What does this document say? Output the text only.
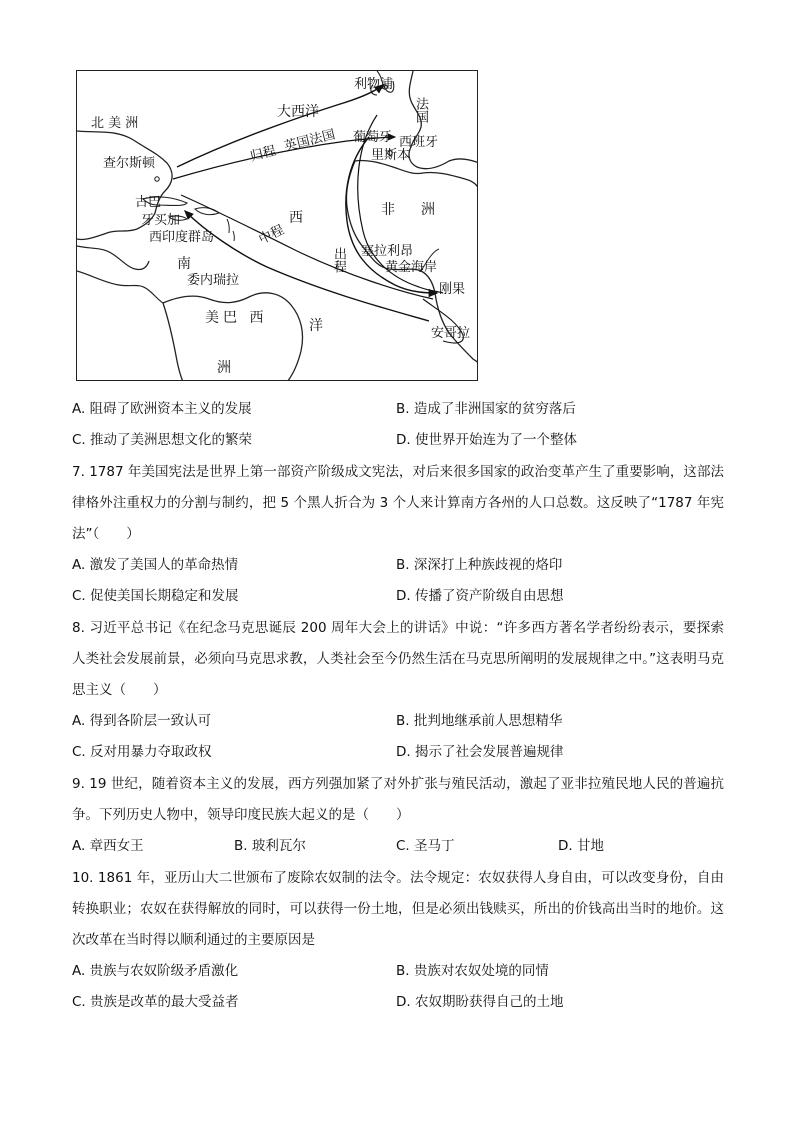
北 美 洲
大西洋
利物浦
法国
葡萄牙 西班牙
里斯本
归程 英国法国
查尔斯顿
古巴
牙买加
西印度群岛
西	非　洲
中程
出程 塞拉利昂
黄金海岸
南
委内瑞拉
刚果
美巴 西	洋	安哥拉
洲
A. 阻碍了欧洲资本主义的发展	B. 造成了非洲国家的贫穷落后
C. 推动了美洲思想文化的繁荣	D. 使世界开始连为了一个整体

7. 1787 年美国宪法是世界上第一部资产阶级成文宪法，对后来很多国家的政治变革产生了重要影响，这部法律格外注重权力的分割与制约，把 5 个黑人折合为 3 个人来计算南方各州的人口总数。这反映了“1787 年宪法”（　　）

A. 激发了美国人的革命热情	B. 深深打上种族歧视的烙印
C. 促使美国长期稳定和发展	D. 传播了资产阶级自由思想

8. 习近平总书记《在纪念马克思诞辰 200 周年大会上的讲话》中说：“许多西方著名学者纷纷表示，要探索人类社会发展前景，必须向马克思求教，人类社会至今仍然生活在马克思所阐明的发展规律之中。”这表明马克思主义（　　）

A. 得到各阶层一致认可	B. 批判地继承前人思想精华
C. 反对用暴力夺取政权	D. 揭示了社会发展普遍规律

9. 19 世纪，随着资本主义的发展，西方列强加紧了对外扩张与殖民活动，激起了亚非拉殖民地人民的普遍抗争。下列历史人物中，领导印度民族大起义的是（　　）

A. 章西女王	B. 玻利瓦尔	C. 圣马丁	D. 甘地

10. 1861 年，亚历山大二世颁布了废除农奴制的法令。法令规定：农奴获得人身自由，可以改变身份，自由转换职业；农奴在获得解放的同时，可以获得一份土地，但是必须出钱赎买，所出的价钱高出当时的地价。这次改革在当时得以顺利通过的主要原因是

A. 贵族与农奴阶级矛盾激化	B. 贵族对农奴处境的同情
C. 贵族是改革的最大受益者	D. 农奴期盼获得自己的土地
